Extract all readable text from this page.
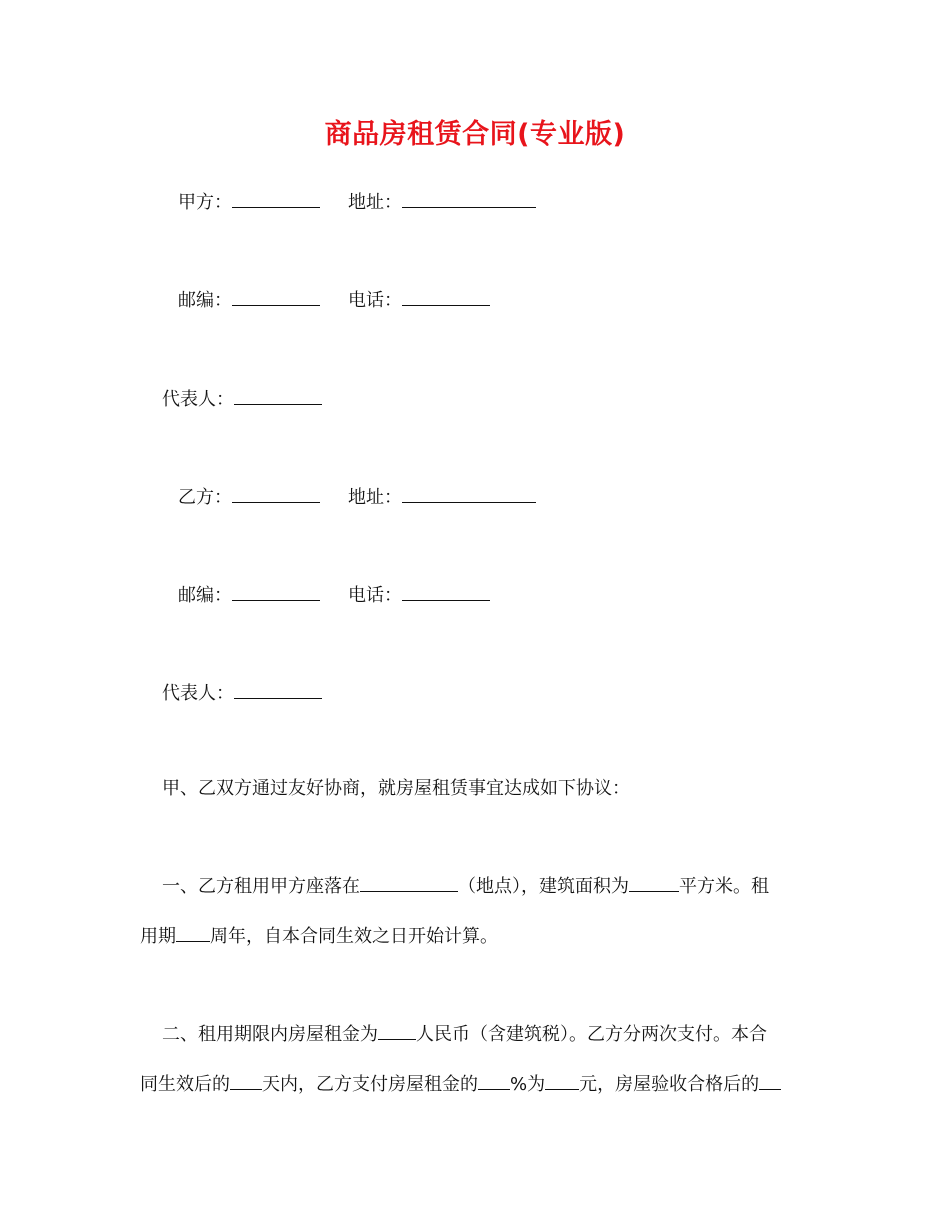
商品房租赁合同(专业版)
甲方：	地址：
邮编：	电话：
代表人：
乙方：	地址：
邮编：	电话：
代表人：
甲、乙双方通过友好协商，就房屋租赁事宜达成如下协议：
一、乙方租用甲方座落在	（地点），建筑面积为	平方米。租
用期 周年，自本合同生效之日开始计算。
二、租用期限内房屋租金为 人民币（含建筑税）。乙方分两次支付。本合
同生效后的 天内，乙方支付房屋租金的 %为 元，房屋验收合格后的
